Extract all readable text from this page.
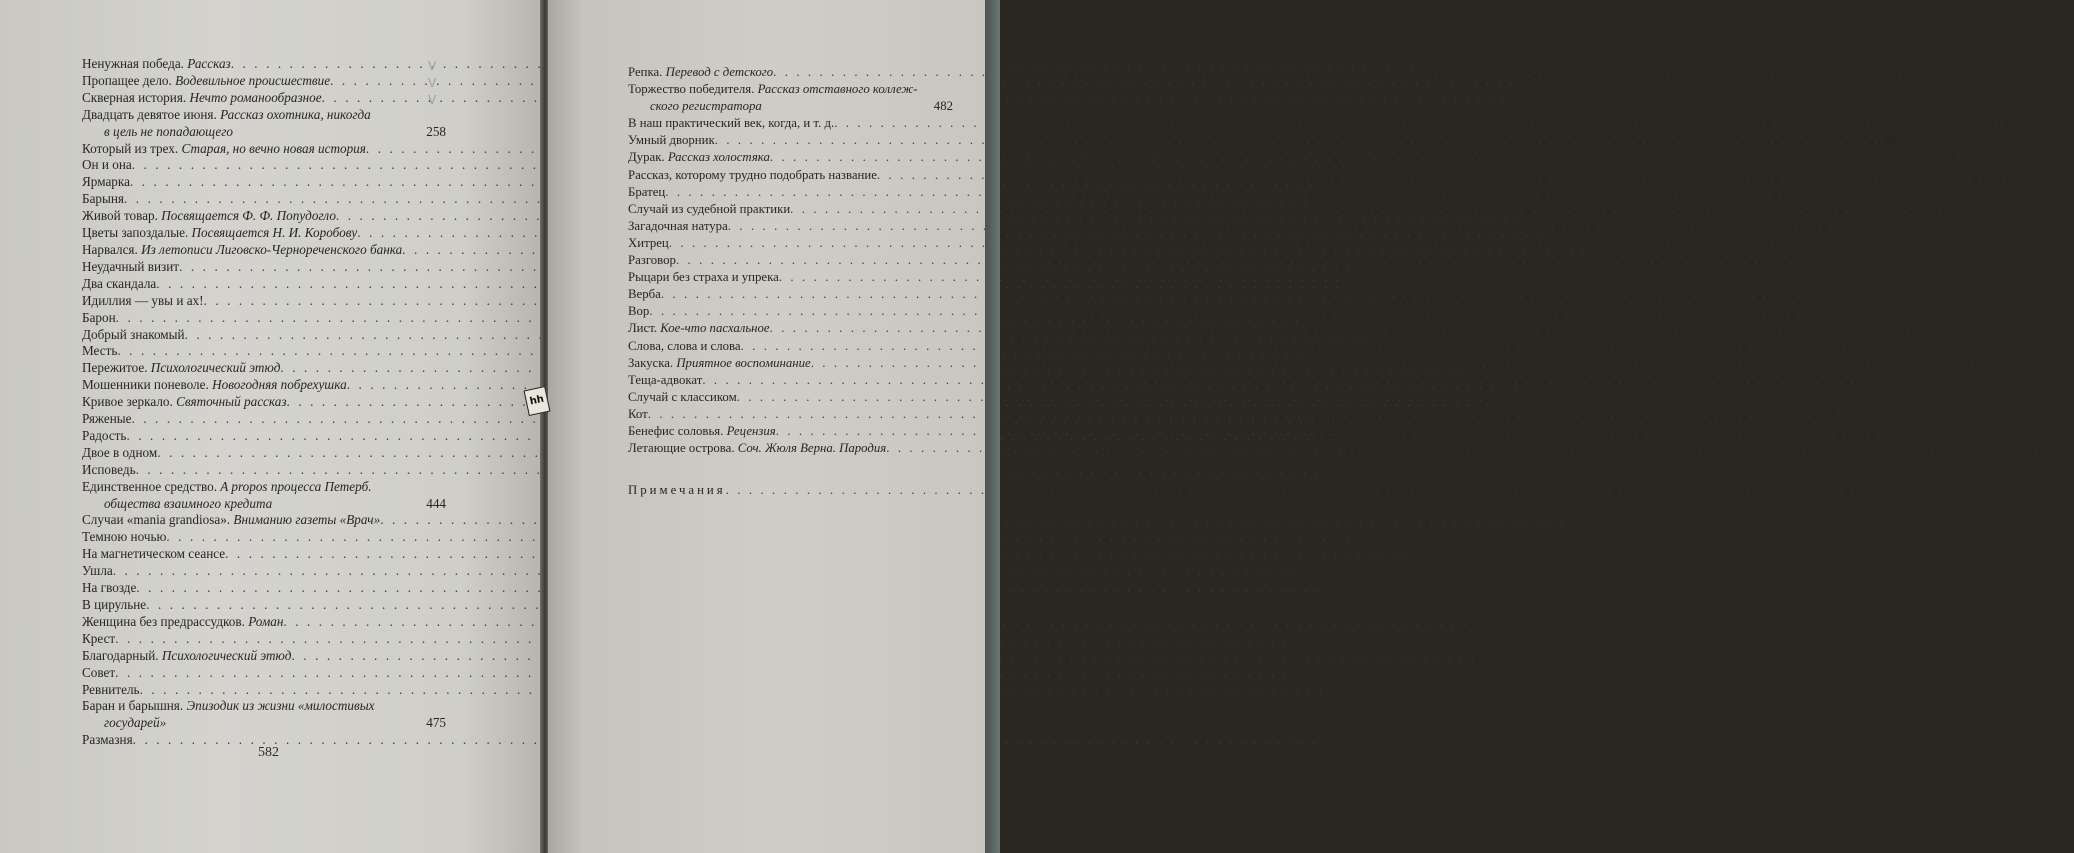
Ненужная победа. Рассказ . . .	153
Пропащее дело. Водевильное происшествие . . .	243
Скверная история. Нечто романообразное . . .	248
Двадцать девятое июня. Рассказ охотника, никогда
в цель не попадающего	258
Который из трех. Старая, но вечно новая история . . .	266
Он и она . . .	273
Ярмарка . . .	282
Барыня . . .	289
Живой товар. Посвящается Ф. Ф. Попудогло . . .	311
Цветы запоздалые. Посвящается Н. И. Коробову . . .	346
Нарвался. Из летописи Лиговско-Чернореченского банка . . .	388
Неудачный визит . . .	391
Два скандала . . .	392
Идиллия — увы и ах! . . .	403
Барон . . .	406
Добрый знакомый . . .	413
Месть . . .	415
Пережитое. Психологический этюд . . .	422
Мошенники поневоле. Новогодняя побрехушка . . .	424
Кривое зеркало. Святочный рассказ . . .	428
Ряженые . . .	431
Радость . . .	434
Двое в одном . . .	437
Исповедь . . .	440
Единственное средство. A propos процесса Петерб.
общества взаимного кредита	444
Случаи «mania grandiosa». Вниманию газеты «Врач» . . .	447
Темною ночью . . .	449
На магнетическом сеансе . . .	451
Ушла . . .	454
На гвозде . . .	456
В цирульне . . .	458
Женщина без предрассудков. Роман . . .	462
Крест . . .	467
Благодарный. Психологический этюд . . .	468
Совет . . .	471
Ревнитель . . .	473
Баран и барышня. Эпизодик из жизни «милостивых
государей»	475
Размазня . . .	478
V
V
V
582
Репка. Перевод с детского . . .	481
Торжество победителя. Рассказ отставного коллеж-
ского регистратора	482
В наш практический век, когда, и т. д. . . .	482
Умный дворник . . .	486
Дурак. Рассказ холостяка . . .	488
Рассказ, которому трудно подобрать название . . .	491
Братец . . .	495
Случай из судебной практики . . .	497
Загадочная натура . . .	499
Хитрец . . .	502
Разговор . . .	505
Рыцари без страха и упрека . . .	508
Верба . . .	511
Вор . . .	514
Лист. Кое-что пасхальное . . .	518
Слова, слова и слова . . .	522
Закуска. Приятное воспоминание . . .	525
Теща-адвокат . . .	528
Случай с классиком . . .	531
Кот . . .	534
Бенефис соловья. Рецензия . . .	538
Летающие острова. Соч. Жюля Верна. Пародия . . .	542
545
Примечания . . .	559
hh
